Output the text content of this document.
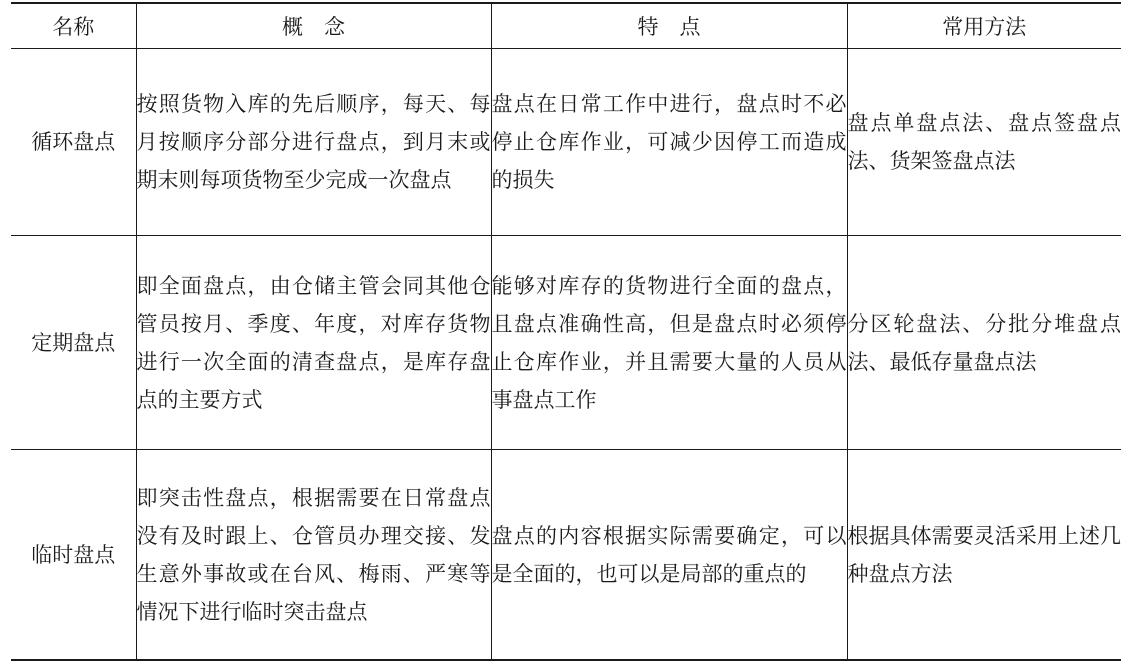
名称	概　念	特　点	常用方法
循环盘点	按照货物入库的先后顺序，每天、每月按顺序分部分进行盘点，到月末或期末则每项货物至少完成一次盘点	盘点在日常工作中进行，盘点时不必停止仓库作业，可减少因停工而造成的损失	盘点单盘点法、盘点签盘点法、货架签盘点法
定期盘点	即全面盘点，由仓储主管会同其他仓管员按月、季度、年度，对库存货物进行一次全面的清查盘点，是库存盘点的主要方式	能够对库存的货物进行全面的盘点，且盘点准确性高，但是盘点时必须停止仓库作业，并且需要大量的人员从事盘点工作	分区轮盘法、分批分堆盘点法、最低存量盘点法
临时盘点	即突击性盘点，根据需要在日常盘点没有及时跟上、仓管员办理交接、发生意外事故或在台风、梅雨、严寒等情况下进行临时突击盘点	盘点的内容根据实际需要确定，可以是全面的，也可以是局部的重点的	根据具体需要灵活采用上述几种盘点方法
